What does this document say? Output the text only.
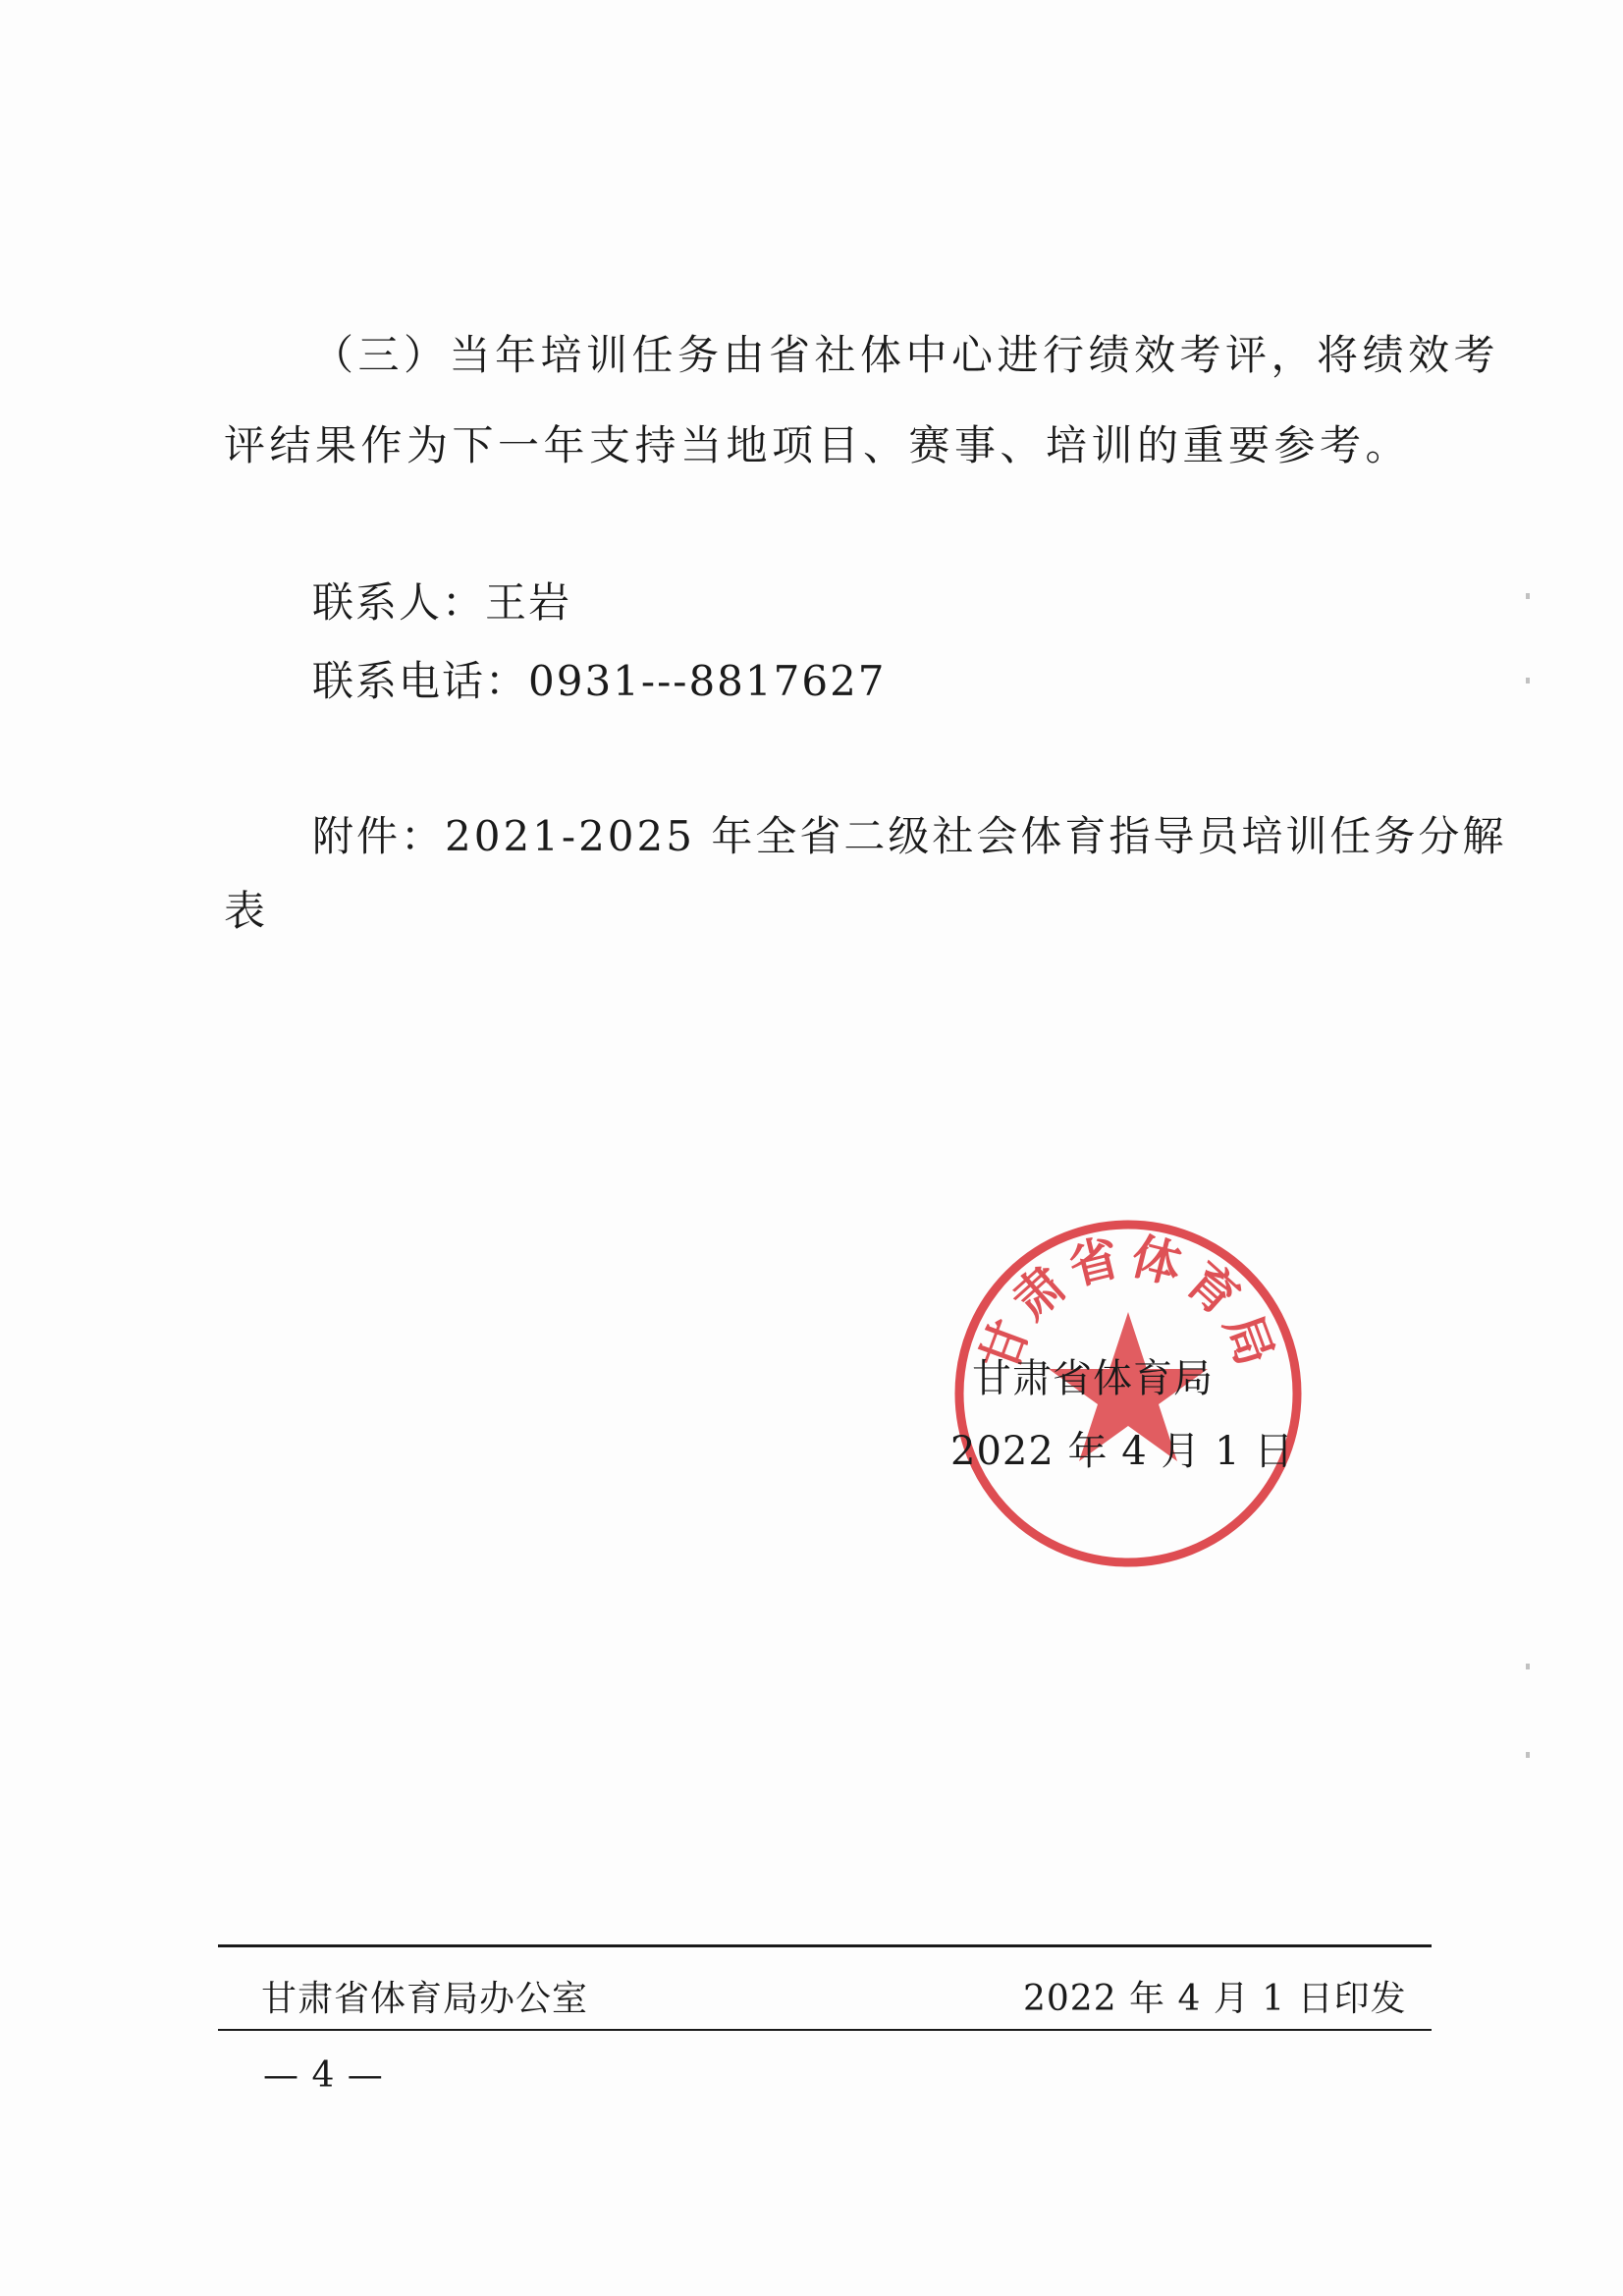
（三）当年培训任务由省社体中心进行绩效考评，将绩效考
评结果作为下一年支持当地项目、赛事、培训的重要参考。
联系人：王岩
联系电话：0931---8817627
附件：2021-2025 年全省二级社会体育指导员培训任务分解
表
甘肃省体育局
甘肃省体育局
2022 年 4 月 1 日
甘肃省体育局办公室	2022 年 4 月 1 日印发
— 4 —
